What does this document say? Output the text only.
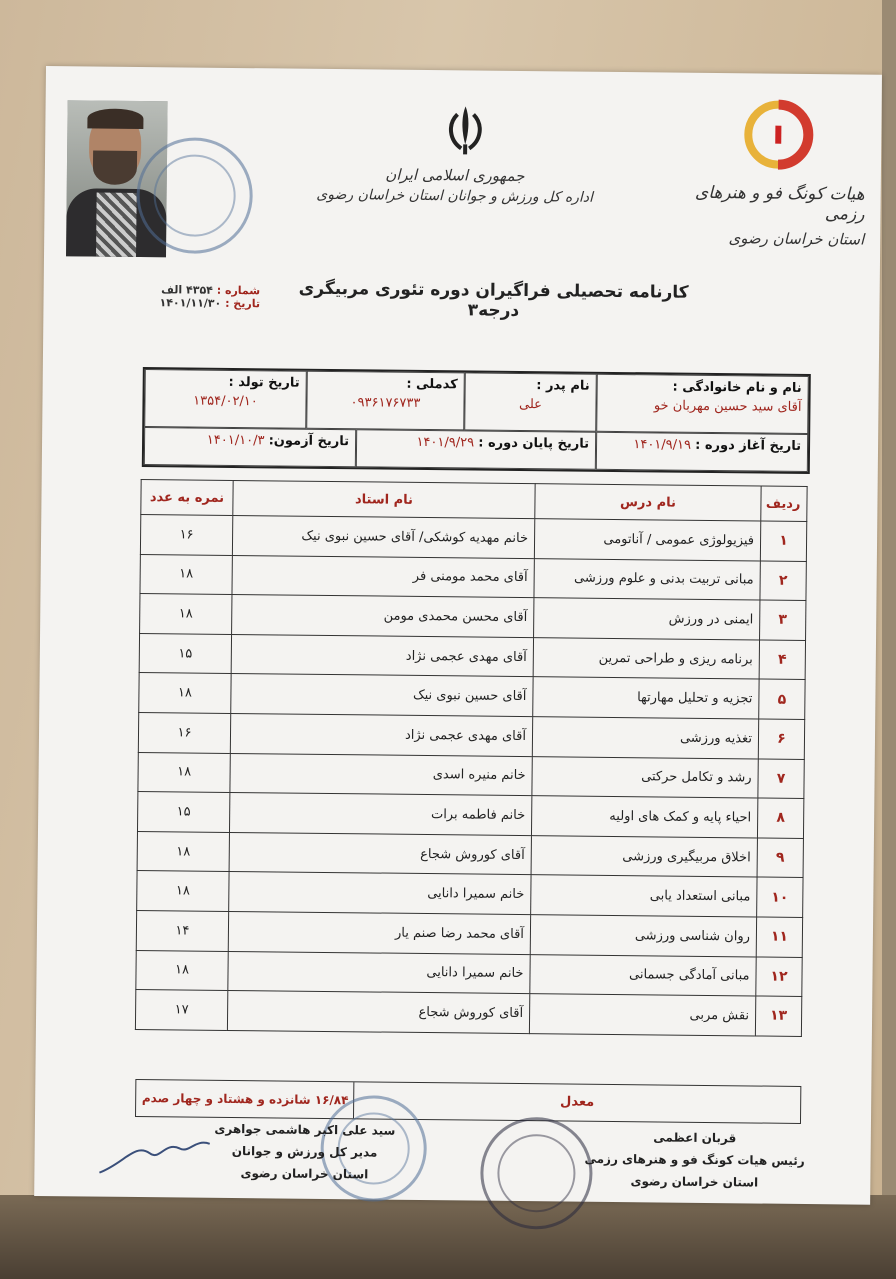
جمهوری اسلامی ایران
اداره کل ورزش و جوانان استان خراسان رضوی	هیات کونگ فو و هنرهای رزمی
استان خراسان رضوی
شماره : ۴۳۵۴ الف
تاریخ : ۱۴۰۱/۱۱/۳۰
کارنامه تحصیلی فراگیران دوره تئوری مربیگری درجه۳
نام و نام خانوادگی :
آقای سید حسین مهربان خو
نام پدر :
علی
کدملی :
۰۹۳۶۱۷۶۷۳۳
تاریخ تولد :
۱۳۵۴/۰۲/۱۰
تاریخ آغاز دوره : ۱۴۰۱/۹/۱۹
تاریخ پایان دوره : ۱۴۰۱/۹/۲۹
تاریخ آزمون: ۱۴۰۱/۱۰/۳
ردیف	نام درس	نام استاد	نمره به عدد
۱	فیزیولوژی عمومی / آناتومی	خانم مهدیه کوشکی/ آقای حسین نبوی نیک	۱۶
۲	مبانی تربیت بدنی و علوم ورزشی	آقای محمد مومنی فر	۱۸
۳	ایمنی در ورزش	آقای محسن محمدی مومن	۱۸
۴	برنامه ریزی و طراحی تمرین	آقای مهدی عجمی نژاد	۱۵
۵	تجزیه و تحلیل مهارتها	آقای حسین نبوی نیک	۱۸
۶	تغذیه ورزشی	آقای مهدی عجمی نژاد	۱۶
۷	رشد و تکامل حرکتی	خانم منیره اسدی	۱۸
۸	احیاء پایه و کمک های اولیه	خانم فاطمه برات	۱۵
۹	اخلاق مربیگیری ورزشی	آقای کوروش شجاع	۱۸
۱۰	مبانی استعداد یابی	خانم سمیرا دانایی	۱۸
۱۱	روان شناسی ورزشی	آقای محمد رضا صنم یار	۱۴
۱۲	مبانی آمادگی جسمانی	خانم سمیرا دانایی	۱۸
۱۳	نقش مربی	آقای کوروش شجاع	۱۷
معدل
۱۶/۸۴ شانزده و هشتاد و چهار صدم
سید علی اکبر هاشمی جواهری
مدیر کل ورزش و جوانان
استان خراسان رضوی
قربان اعظمی
رئیس هیات کونگ فو و هنرهای رزمی
استان خراسان رضوی
